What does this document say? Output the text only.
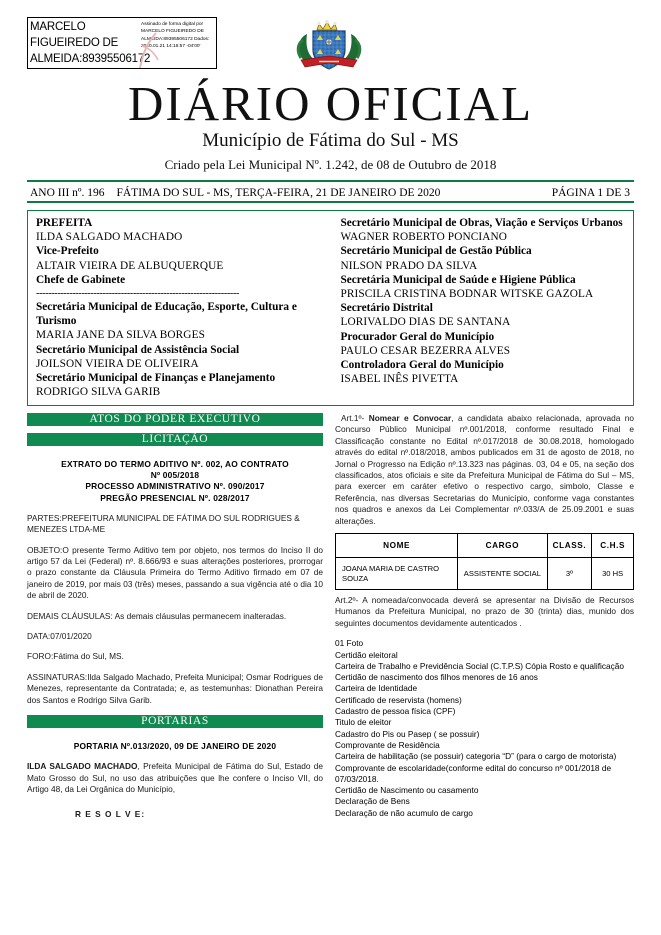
MARCELO FIGUEIREDO DE ALMEIDA:89395506172
Assinado de forma digital por MARCELO FIGUEIREDO DE ALMEIDA:89395506172 Dados: 2020.01.21 14:16:57 -04'00'
DIÁRIO OFICIAL
Município de Fátima do Sul - MS
Criado pela Lei Municipal Nº. 1.242, de 08 de Outubro de 2018
ANO III nº. 196	FÁTIMA DO SUL - MS, TERÇA-FEIRA, 21 DE JANEIRO DE 2020	PÁGINA 1 DE 3
PREFEITA
ILDA SALGADO MACHADO
Vice-Prefeito
ALTAIR VIEIRA DE ALBUQUERQUE
Chefe de Gabinete
-------------------------------------------------------------------
Secretária Municipal de Educação, Esporte, Cultura e Turismo
MARIA JANE DA SILVA BORGES
Secretário Municipal de Assistência Social
JOILSON VIEIRA DE OLIVEIRA
Secretário Municipal de Finanças e Planejamento
RODRIGO SILVA GARIB
Secretário Municipal de Obras, Viação e Serviços Urbanos
WAGNER ROBERTO PONCIANO
Secretário Municipal de Gestão Pública
NILSON PRADO DA SILVA
Secretária Municipal de Saúde e Higiene Pública
PRISCILA CRISTINA BODNAR WITSKE GAZOLA
Secretário Distrital
LORIVALDO DIAS DE SANTANA
Procurador Geral do Município
PAULO CESAR BEZERRA ALVES
Controladora Geral do Município
ISABEL INÊS PIVETTA
ATOS DO PODER EXECUTIVO
LICITAÇÃO
EXTRATO DO TERMO ADITIVO Nº. 002, AO CONTRATO
Nº 005/2018
PROCESSO ADMINISTRATIVO Nº. 090/2017
PREGÃO PRESENCIAL Nº. 028/2017
PARTES:PREFEITURA MUNICIPAL DE FÁTIMA DO SUL RODRIGUES & MENEZES LTDA-ME
OBJETO:O presente Termo Aditivo tem por objeto, nos termos do Inciso II do artigo 57 da Lei (Federal) nº. 8.666/93 e suas alterações posteriores, prorrogar o prazo constante da Cláusula Primeira do Termo Aditivo firmado em 07 de janeiro de 2019, por mais 03 (três) meses, passando a sua vigência até o dia 10 de abril de 2020.
DEMAIS CLÁUSULAS: As demais cláusulas permanecem inalteradas.
DATA:07/01/2020
FORO:Fátima do Sul, MS.
ASSINATURAS:Ilda Salgado Machado, Prefeita Municipal; Osmar Rodrigues de Menezes, representante da Contratada; e, as testemunhas: Dionathan Pereira dos Santos e Rodrigo Silva Garib.
PORTARIAS
PORTARIA Nº.013/2020, 09 DE JANEIRO DE 2020
ILDA SALGADO MACHADO, Prefeita Municipal de Fátima do Sul, Estado de Mato Grosso do Sul, no uso das atribuições que lhe confere o Inciso VII, do Artigo 48, da Lei Orgânica do Município,
R E S O L V E:
Art.1º- Nomear e Convocar, a candidata abaixo relacionada, aprovada no Concurso Público Municipal nº.001/2018, conforme resultado Final e Classificação constante no Edital nº.017/2018 de 30.08.2018, homologado através do edital nº.018/2018, ambos publicados em 31 de agosto de 2018, no Jornal o Progresso na Edição nº.13.323 nas páginas. 03, 04 e 05, na seção dos classificados, atos oficiais e site da Prefeitura Municipal de Fátima do Sul – MS, para exercer em caráter efetivo o respectivo cargo, simbolo, Classe e Referência, nas diversas Secretarias do Município, conforme vaga constantes nos quadros e anexos da Lei Complementar nº.033/A de 25.09.2001 e suas alterações.
NOME	CARGO	CLASS.	C.H.S
JOANA MARIA DE CASTRO SOUZA	ASSISTENTE SOCIAL	3º	30 HS
Art.2º- A nomeada/convocada deverá se apresentar na Divisão de Recursos Humanos da Prefeitura Municipal, no prazo de 30 (trinta) dias, munido dos seguintes documentos devidamente autenticados .
01 Foto
Certidão eleitoral
Carteira de Trabalho e Previdência Social (C.T.P.S) Cópia Rosto e qualificação
Certidão de nascimento dos filhos menores de 16 anos
Carteira de Identidade
Certificado de reservista (homens)
Cadastro de pessoa física (CPF)
Titulo de eleitor
Cadastro do Pis ou Pasep ( se possuir)
Comprovante de Residência
Carteira de habilitação (se possuir) categoria “D” (para o cargo de motorista)
Comprovante de escolaridade(conforme edital do concurso nº 001/2018 de 07/03/2018.
Certidão de Nascimento ou casamento
Declaração de Bens
Declaração de não acumulo de cargo
